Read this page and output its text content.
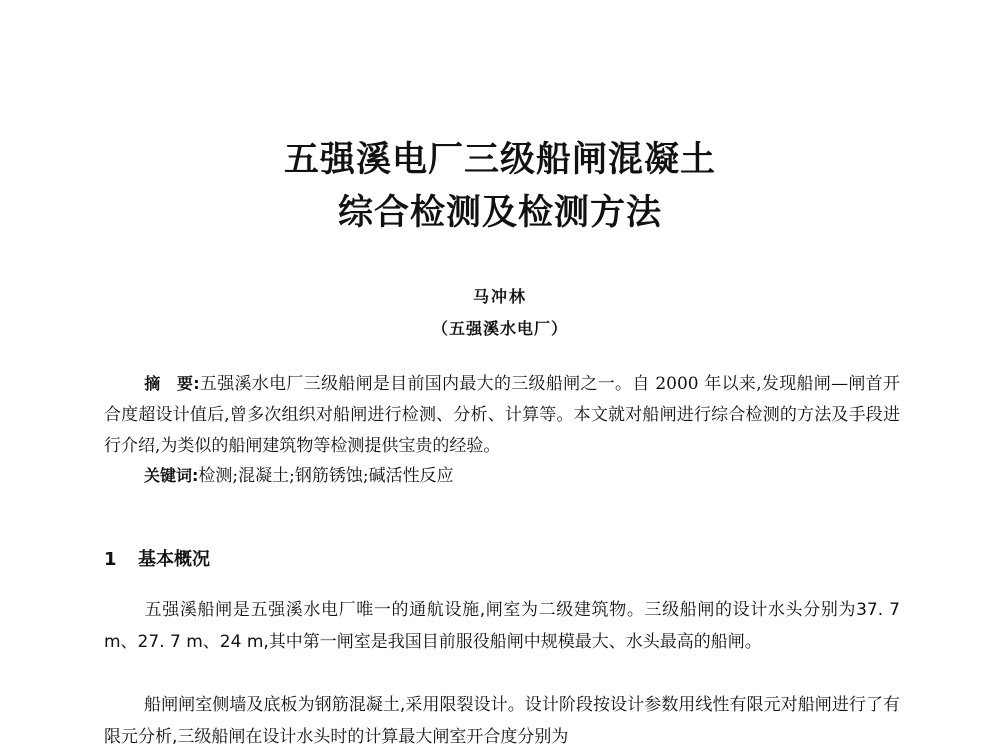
五强溪电厂三级船闸混凝土
综合检测及检测方法
马冲林
（五强溪水电厂）
摘　要:五强溪水电厂三级船闸是目前国内最大的三级船闸之一。自 2000 年以来,发现船闸—闸首开合度超设计值后,曾多次组织对船闸进行检测、分析、计算等。本文就对船闸进行综合检测的方法及手段进行介绍,为类似的船闸建筑物等检测提供宝贵的经验。
关键词:检测;混凝土;钢筋锈蚀;碱活性反应
1 基本概况
五强溪船闸是五强溪水电厂唯一的通航设施,闸室为二级建筑物。三级船闸的设计水头分别为37. 7 m、27. 7 m、24 m,其中第一闸室是我国目前服役船闸中规模最大、水头最高的船闸。
船闸闸室侧墙及底板为钢筋混凝土,采用限裂设计。设计阶段按设计参数用线性有限元对船闸进行了有限元分析,三级船闸在设计水头时的计算最大闸室开合度分别为
